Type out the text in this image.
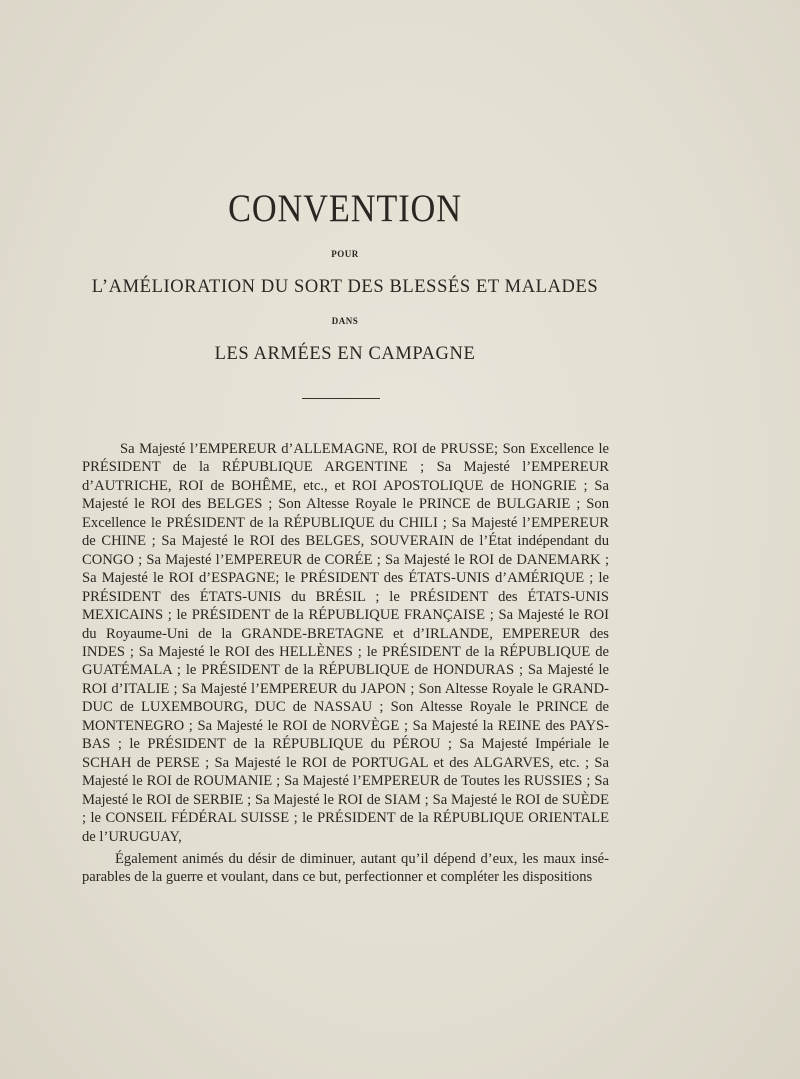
CONVENTION
POUR
L’AMÉLIORATION DU SORT DES BLESSÉS ET MALADES
DANS
LES ARMÉES EN CAMPAGNE

Sa Majesté l’EMPEREUR d’ALLEMAGNE, ROI de PRUSSE; Son Excellence le PRÉSIDENT de la RÉPUBLIQUE ARGENTINE ; Sa Majesté l’EMPEREUR d’AUTRICHE, ROI de BOHÊME, etc., et ROI APOSTOLIQUE de HONGRIE ; Sa Majesté le ROI des BELGES ; Son Altesse Royale le PRINCE de BULGARIE ; Son Excellence le PRÉSIDENT de la RÉPUBLIQUE du CHILI ; Sa Majesté l’EMPEREUR de CHINE ; Sa Majesté le ROI des BELGES, SOUVERAIN de l’État indépendant du CONGO ; Sa Majesté l’EMPEREUR de CORÉE ; Sa Majesté le ROI de DANEMARK ; Sa Majesté le ROI d’ESPAGNE; le PRÉSIDENT des ÉTATS-UNIS d’AMÉRIQUE ; le PRÉSIDENT des ÉTATS-UNIS du BRÉSIL ; le PRÉSIDENT des ÉTATS-UNIS MEXICAINS ; le PRÉSIDENT de la RÉPUBLIQUE FRANÇAISE ; Sa Majesté le ROI du Royaume-Uni de la GRANDE-BRETAGNE et d’IRLANDE, EMPEREUR des INDES ; Sa Majesté le ROI des HELLÈNES ; le PRÉSIDENT de la RÉPUBLIQUE de GUATÉMALA ; le PRÉSIDENT de la RÉPUBLIQUE de HONDURAS ; Sa Majesté le ROI d’ITALIE ; Sa Majesté l’EMPEREUR du JAPON ; Son Altesse Royale le GRAND-DUC de LUXEMBOURG, DUC de NASSAU ; Son Altesse Royale le PRINCE de MONTENEGRO ; Sa Majesté le ROI de NORVÈGE ; Sa Majesté la REINE des PAYS-BAS ; le PRÉSIDENT de la RÉPUBLIQUE du PÉROU ; Sa Majesté Impériale le SCHAH de PERSE ; Sa Majesté le ROI de PORTUGAL et des ALGARVES, etc. ; Sa Majesté le ROI de ROUMANIE ; Sa Majesté l’EMPEREUR de Toutes les RUSSIES ; Sa Majesté le ROI de SERBIE ; Sa Majesté le ROI de SIAM ; Sa Majesté le ROI de SUÈDE ; le CONSEIL FÉDÉRAL SUISSE ; le PRÉSIDENT de la RÉPUBLIQUE ORIENTALE de l’URUGUAY,

Également animés du désir de diminuer, autant qu’il dépend d’eux, les maux insé-parables de la guerre et voulant, dans ce but, perfectionner et compléter les dispositions
